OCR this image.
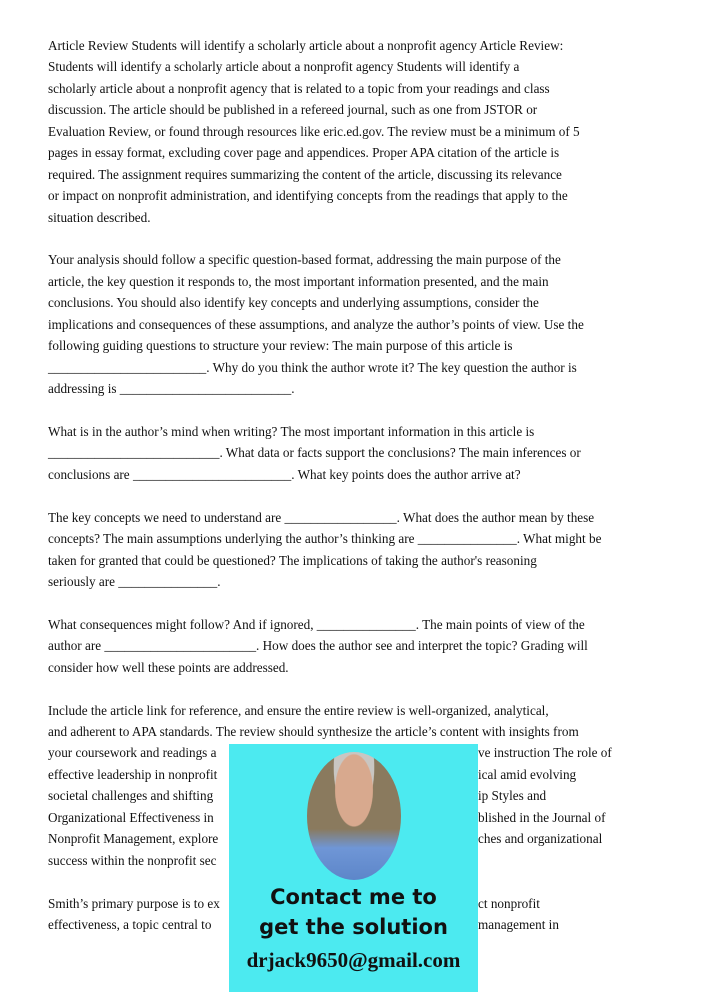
Article Review Students will identify a scholarly article about a nonprofit agency Article Review:
Students will identify a scholarly article about a nonprofit agency Students will identify a
scholarly article about a nonprofit agency that is related to a topic from your readings and class
discussion. The article should be published in a refereed journal, such as one from JSTOR or
Evaluation Review, or found through resources like eric.ed.gov. The review must be a minimum of 5
pages in essay format, excluding cover page and appendices. Proper APA citation of the article is
required. The assignment requires summarizing the content of the article, discussing its relevance
or impact on nonprofit administration, and identifying concepts from the readings that apply to the
situation described.
Your analysis should follow a specific question-based format, addressing the main purpose of the
article, the key question it responds to, the most important information presented, and the main
conclusions. You should also identify key concepts and underlying assumptions, consider the
implications and consequences of these assumptions, and analyze the author’s points of view. Use the
following guiding questions to structure your review: The main purpose of this article is
________________________. Why do you think the author wrote it? The key question the author is
addressing is __________________________.
What is in the author’s mind when writing? The most important information in this article is
__________________________. What data or facts support the conclusions? The main inferences or
conclusions are ________________________. What key points does the author arrive at?
The key concepts we need to understand are _________________. What does the author mean by these
concepts? The main assumptions underlying the author’s thinking are _______________. What might be
taken for granted that could be questioned? The implications of taking the author's reasoning
seriously are _______________.
What consequences might follow? And if ignored, _______________. The main points of view of the
author are _______________________. How does the author see and interpret the topic? Grading will
consider how well these points are addressed.
Include the article link for reference, and ensure the entire review is well-organized, analytical,
and adherent to APA standards. The review should synthesize the article’s content with insights from
your coursework and readings a	ve instruction The role of
effective leadership in nonprofit	ical amid evolving
societal challenges and shifting	ip Styles and
Organizational Effectiveness in	blished in the Journal of
Nonprofit Management, explore	ches and organizational
success within the nonprofit sec
Smith’s primary purpose is to ex	ct nonprofit
effectiveness, a topic central to	management in
Contact me to
get the solution
drjack9650@gmail.com
